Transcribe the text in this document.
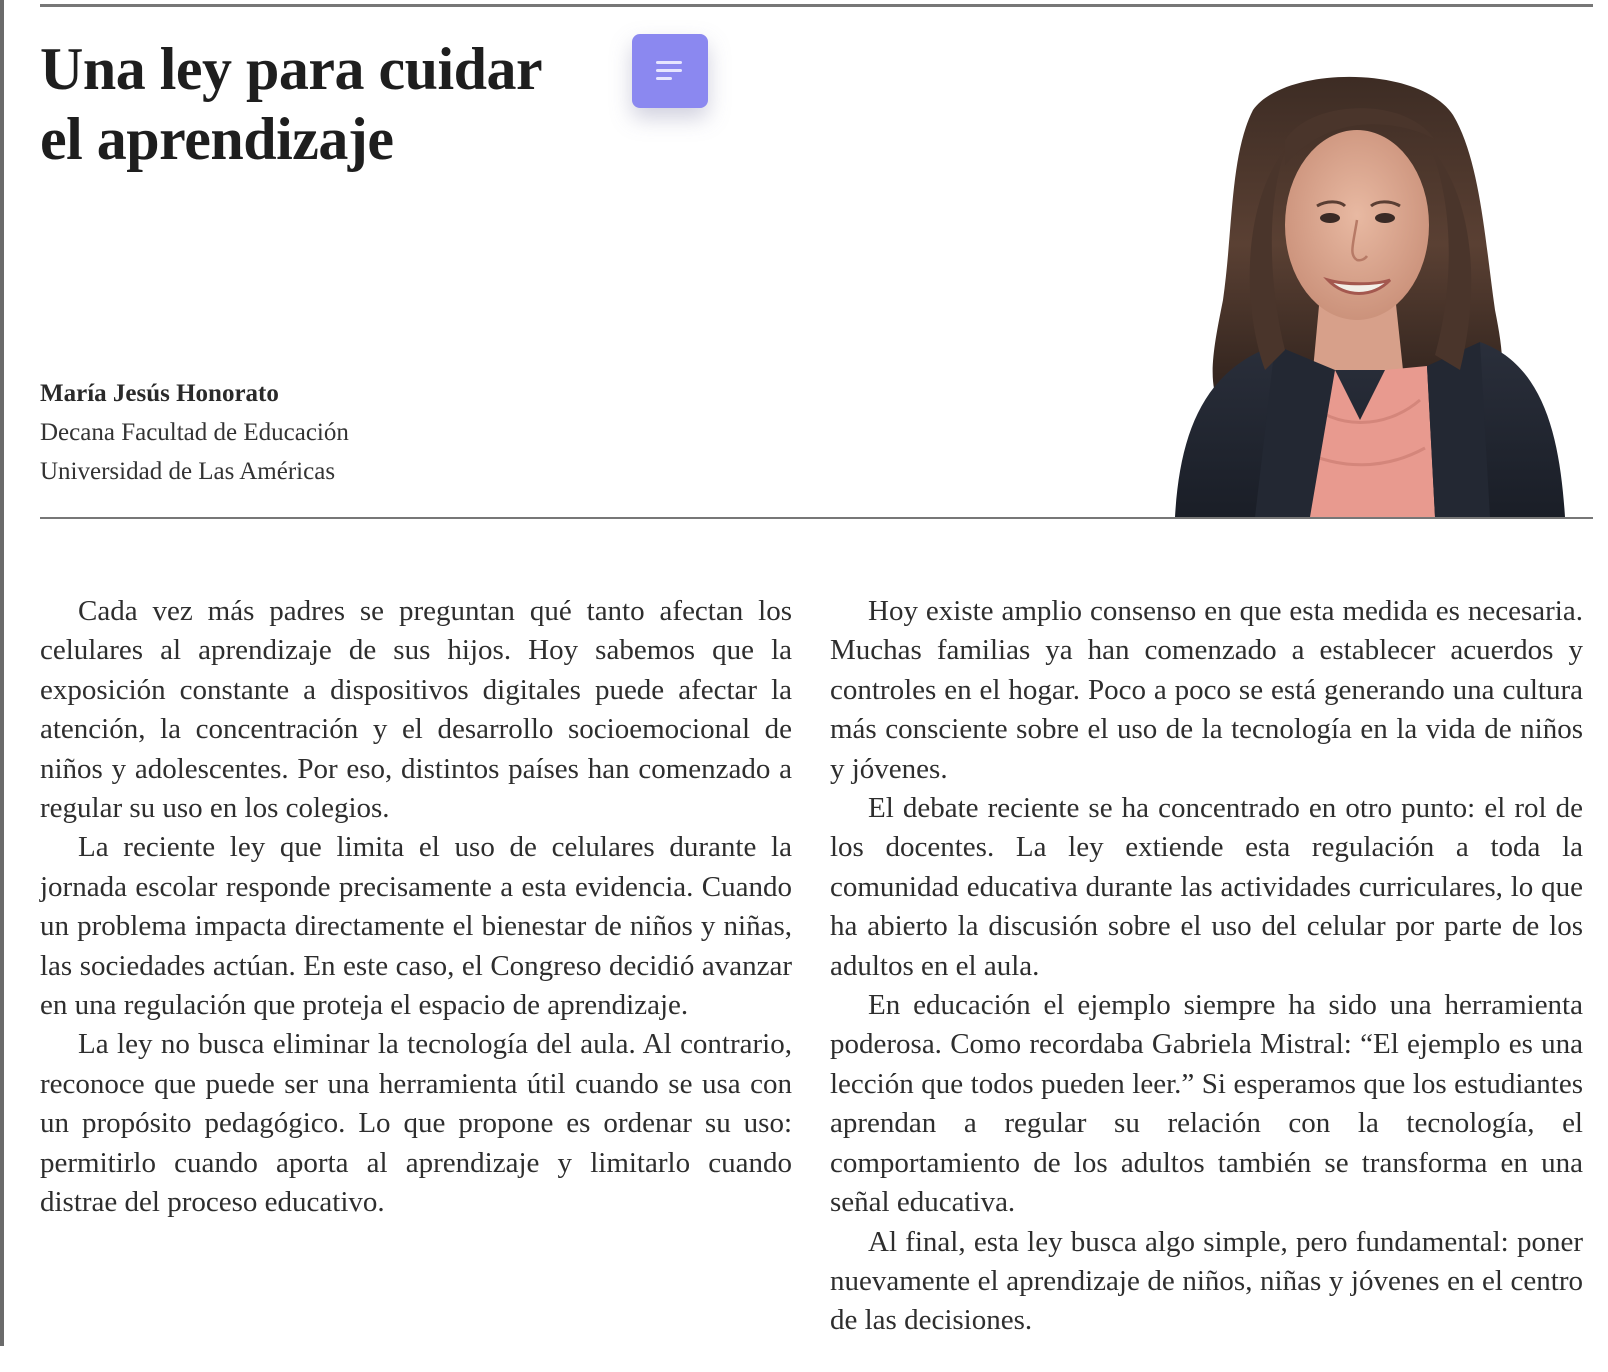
Una ley para cuidar
el aprendizaje
María Jesús Honorato
Decana Facultad de Educación
Universidad de Las Américas

Cada vez más padres se preguntan qué tanto afectan los celulares al aprendizaje de sus hijos. Hoy sabemos que la exposición constante a dispositivos digitales puede afectar la atención, la concentración y el desarrollo socioemocional de niños y adolescentes. Por eso, distintos países han comenzado a regular su uso en los colegios.

La reciente ley que limita el uso de celulares durante la jornada escolar responde precisamente a esta evidencia. Cuando un problema impacta directamente el bienestar de niños y niñas, las sociedades actúan. En este caso, el Congreso decidió avanzar en una regulación que proteja el espacio de aprendizaje.

La ley no busca eliminar la tecnología del aula. Al contrario, reconoce que puede ser una herramienta útil cuando se usa con un propósito pedagógico. Lo que propone es ordenar su uso: permitirlo cuando aporta al aprendizaje y limitarlo cuando distrae del proceso educativo.

Hoy existe amplio consenso en que esta medida es necesaria. Muchas familias ya han comenzado a establecer acuerdos y controles en el hogar. Poco a poco se está generando una cultura más consciente sobre el uso de la tecnología en la vida de niños y jóvenes.

El debate reciente se ha concentrado en otro punto: el rol de los docentes. La ley extiende esta regulación a toda la comunidad educativa durante las actividades curriculares, lo que ha abierto la discusión sobre el uso del celular por parte de los adultos en el aula.

En educación el ejemplo siempre ha sido una herramienta poderosa. Como recordaba Gabriela Mistral: “El ejemplo es una lección que todos pueden leer.” Si esperamos que los estudiantes aprendan a regular su relación con la tecnología, el comportamiento de los adultos también se transforma en una señal educativa.

Al final, esta ley busca algo simple, pero fundamental: poner nuevamente el aprendizaje de niños, niñas y jóvenes en el centro de las decisiones.
